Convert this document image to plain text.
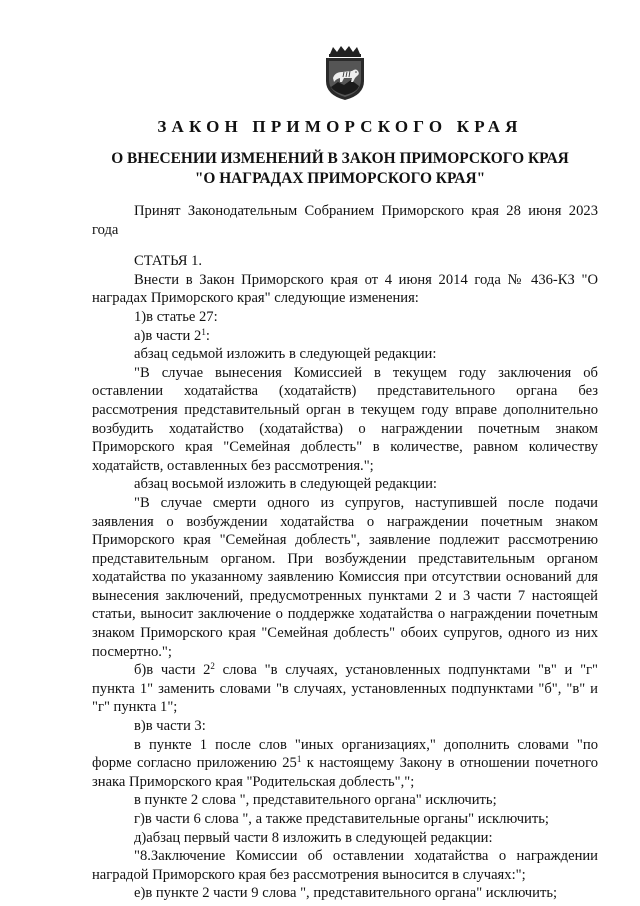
ЗАКОН ПРИМОРСКОГО КРАЯ
О ВНЕСЕНИИ ИЗМЕНЕНИЙ В ЗАКОН ПРИМОРСКОГО КРАЯ
"О НАГРАДАХ ПРИМОРСКОГО КРАЯ"

Принят Законодательным Собранием Приморского края 28 июня 2023 года

СТАТЬЯ 1.

Внести в Закон Приморского края от 4 июня 2014 года № 436-КЗ "О наградах Приморского края" следующие изменения:

1)в статье 27:

а)в части $2^1$:

абзац седьмой изложить в следующей редакции:

"В случае вынесения Комиссией в текущем году заключения об оставлении ходатайства (ходатайств) представительного органа без рассмотрения представительный орган в текущем году вправе дополнительно возбудить ходатайство (ходатайства) о награждении почетным знаком Приморского края "Семейная доблесть" в количестве, равном количеству ходатайств, оставленных без рассмотрения.";

абзац восьмой изложить в следующей редакции:

"В случае смерти одного из супругов, наступившей после подачи заявления о возбуждении ходатайства о награждении почетным знаком Приморского края "Семейная доблесть", заявление подлежит рассмотрению представительным органом. При возбуждении представительным органом ходатайства по указанному заявлению Комиссия при отсутствии оснований для вынесения заключений, предусмотренных пунктами 2 и 3 части 7 настоящей статьи, выносит заключение о поддержке ходатайства о награждении почетным знаком Приморского края "Семейная доблесть" обоих супругов, одного из них посмертно.";

б)в части $2^2$ слова "в случаях, установленных подпунктами "в" и "г" пункта 1" заменить словами "в случаях, установленных подпунктами "б", "в" и "г" пункта 1";

в)в части 3:

в пункте 1 после слов "иных организациях," дополнить словами "по форме согласно приложению $25^1$ к настоящему Закону в отношении почетного знака Приморского края "Родительская доблесть",";

в пункте 2 слова ", представительного органа" исключить;

г)в части 6 слова ", а также представительные органы" исключить;

д)абзац первый части 8 изложить в следующей редакции:

"8.Заключение Комиссии об оставлении ходатайства о награждении наградой Приморского края без рассмотрения выносится в случаях:";

е)в пункте 2 части 9 слова ", представительного органа" исключить;
